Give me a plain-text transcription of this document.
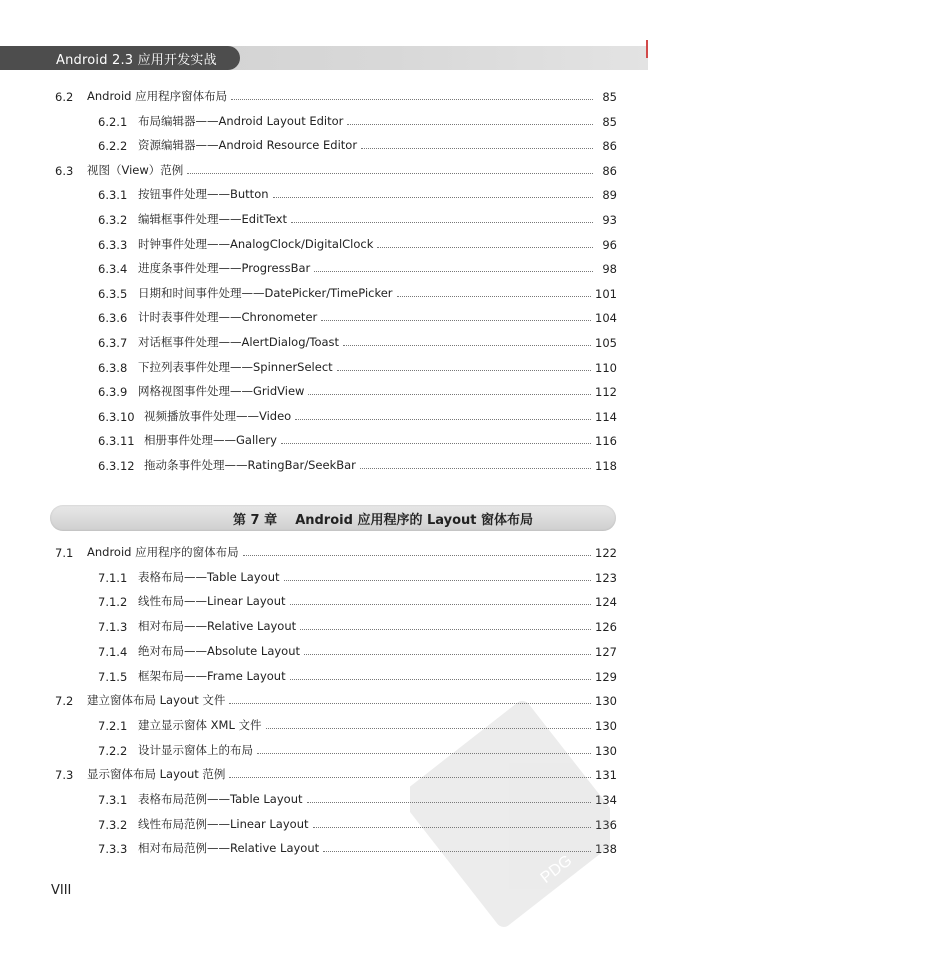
Android 2.3 应用开发实战
6.2	Android 应用程序窗体布局	85
6.2.1 布局编辑器——Android Layout Editor	85
6.2.2 资源编辑器——Android Resource Editor	86
6.3	视图（View）范例	86
6.3.1 按钮事件处理——Button	89
6.3.2 编辑框事件处理——EditText	93
6.3.3 时钟事件处理——AnalogClock/DigitalClock	96
6.3.4 进度条事件处理——ProgressBar	98
6.3.5 日期和时间事件处理——DatePicker/TimePicker	101
6.3.6 计时表事件处理——Chronometer	104
6.3.7 对话框事件处理——AlertDialog/Toast	105
6.3.8 下拉列表事件处理——SpinnerSelect	110
6.3.9 网格视图事件处理——GridView	112
6.3.10 视频播放事件处理——Video	114
6.3.11 相册事件处理——Gallery	116
6.3.12 拖动条事件处理——RatingBar/SeekBar	118
第 7 章 Android 应用程序的 Layout 窗体布局
7.1	Android 应用程序的窗体布局	122
7.1.1 表格布局——Table Layout	123
7.1.2 线性布局——Linear Layout	124
7.1.3 相对布局——Relative Layout	126
7.1.4 绝对布局——Absolute Layout	127
7.1.5 框架布局——Frame Layout	129
7.2	建立窗体布局 Layout 文件	130
7.2.1 建立显示窗体 XML 文件	130
7.2.2 设计显示窗体上的布局	130
7.3	显示窗体布局 Layout 范例	131
7.3.1 表格布局范例——Table Layout	134
7.3.2 线性布局范例——Linear Layout	136
7.3.3 相对布局范例——Relative Layout	138
VIII
PDG
